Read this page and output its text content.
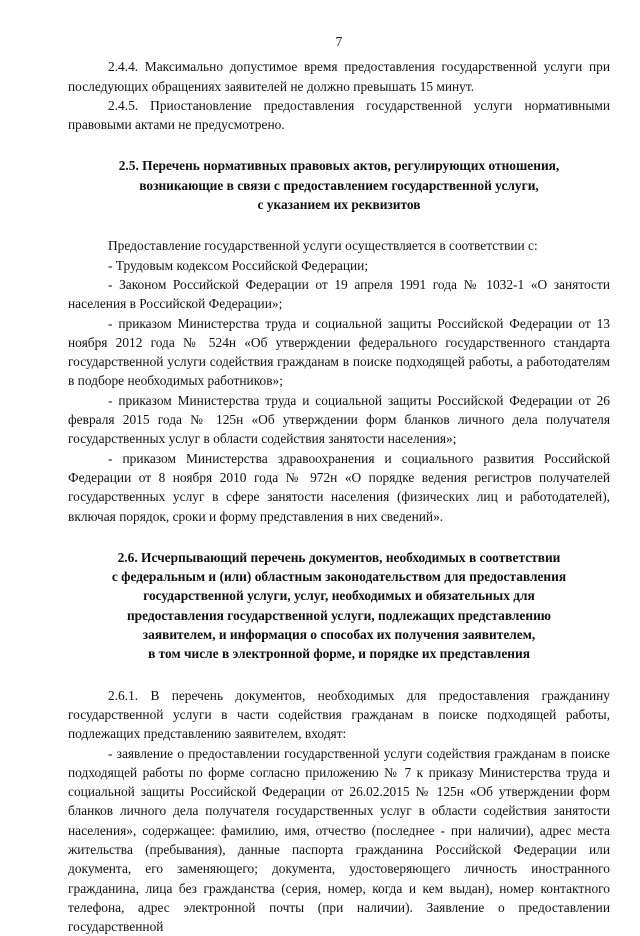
7

2.4.4. Максимально допустимое время предоставления государственной услуги при последующих обращениях заявителей не должно превышать 15 минут.

2.4.5. Приостановление предоставления государственной услуги нормативными правовыми актами не предусмотрено.

2.5. Перечень нормативных правовых актов, регулирующих отношения,

возникающие в связи с предоставлением государственной услуги,

с указанием их реквизитов

Предоставление государственной услуги осуществляется в соответствии с:

- Трудовым кодексом Российской Федерации;

- Законом Российской Федерации от 19 апреля 1991 года № 1032-1 «О занятости населения в Российской Федерации»;

- приказом Министерства труда и социальной защиты Российской Федерации от 13 ноября 2012 года № 524н «Об утверждении федерального государственного стандарта государственной услуги содействия гражданам в поиске подходящей работы, а работодателям в подборе необходимых работников»;

- приказом Министерства труда и социальной защиты Российской Федерации от 26 февраля 2015 года № 125н «Об утверждении форм бланков личного дела получателя государственных услуг в области содействия занятости населения»;

- приказом Министерства здравоохранения и социального развития Российской Федерации от 8 ноября 2010 года № 972н «О порядке ведения регистров получателей государственных услуг в сфере занятости населения (физических лиц и работодателей), включая порядок, сроки и форму представления в них сведений».

2.6. Исчерпывающий перечень документов, необходимых в соответствии

с федеральным и (или) областным законодательством для предоставления

государственной услуги, услуг, необходимых и обязательных для

предоставления государственной услуги, подлежащих представлению

заявителем, и информация о способах их получения заявителем,

в том числе в электронной форме, и порядке их представления

2.6.1. В перечень документов, необходимых для предоставления гражданину государственной услуги в части содействия гражданам в поиске подходящей работы, подлежащих представлению заявителем, входят:

- заявление о предоставлении государственной услуги содействия гражданам в поиске подходящей работы по форме согласно приложению № 7 к приказу Министерства труда и социальной защиты Российской Федерации от 26.02.2015 № 125н «Об утверждении форм бланков личного дела получателя государственных услуг в области содействия занятости населения», содержащее: фамилию, имя, отчество (последнее - при наличии), адрес места жительства (пребывания), данные паспорта гражданина Российской Федерации или документа, его заменяющего; документа, удостоверяющего личность иностранного гражданина, лица без гражданства (серия, номер, когда и кем выдан), номер контактного телефона, адрес электронной почты (при наличии). Заявление о предоставлении государственной
